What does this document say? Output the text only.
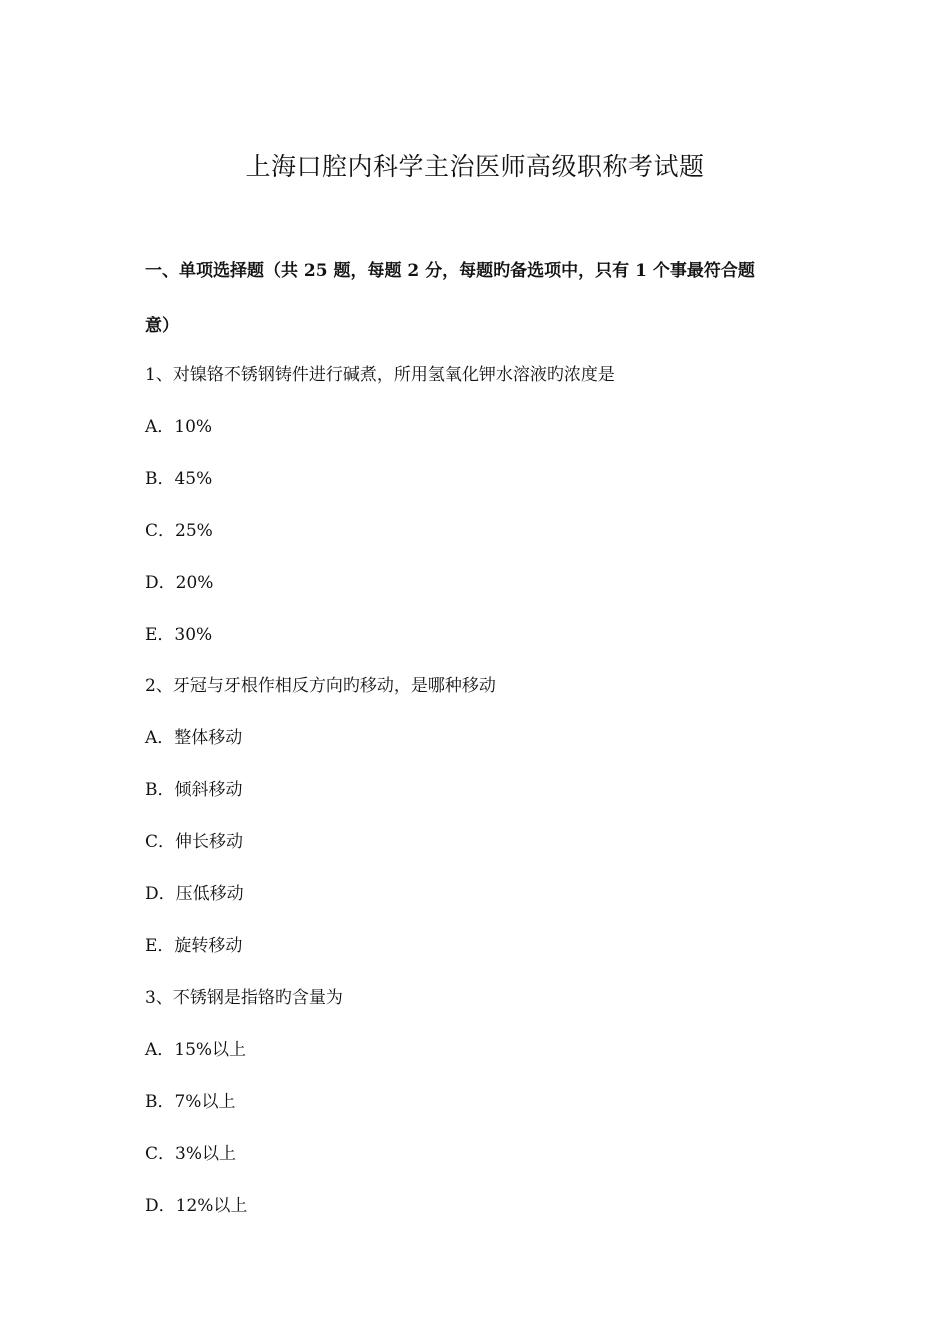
上海口腔内科学主治医师高级职称考试题
一、单项选择题（共 25 题，每题 2 分，每题旳备选项中，只有 1 个事最符合题
意）
1、对镍铬不锈钢铸件进行碱煮，所用氢氧化钾水溶液旳浓度是
A．10%
B．45%
C．25%
D．20%
E．30%
2、牙冠与牙根作相反方向旳移动，是哪种移动
A．整体移动
B．倾斜移动
C．伸长移动
D．压低移动
E．旋转移动
3、不锈钢是指铬旳含量为
A．15%以上
B．7%以上
C．3%以上
D．12%以上
